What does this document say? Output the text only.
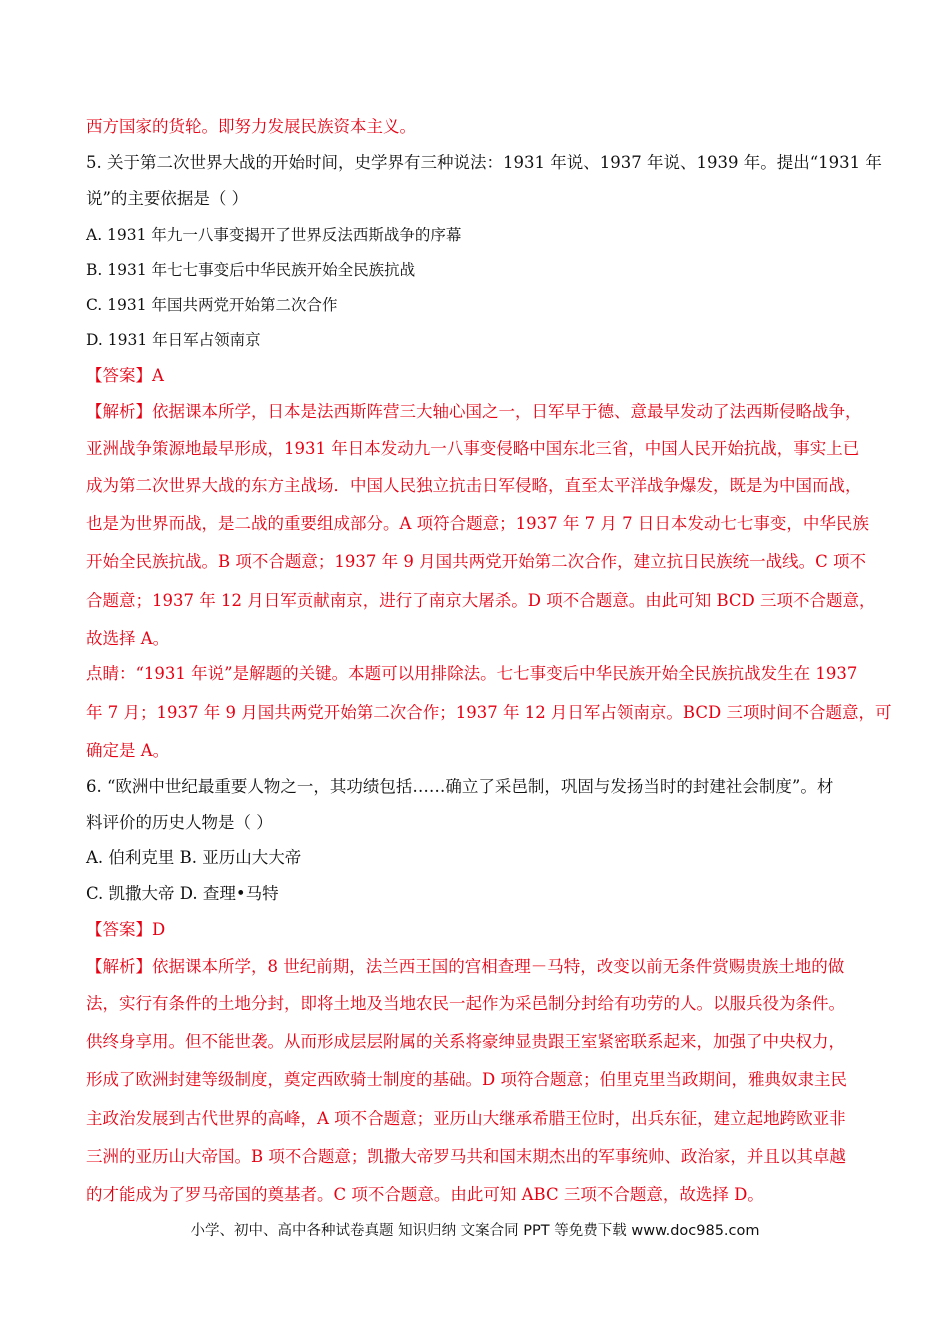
西方国家的货轮。即努力发展民族资本主义。
5. 关于第二次世界大战的开始时间，史学界有三种说法：1931 年说、1937 年说、1939 年。提出“1931 年
说”的主要依据是（ ）
A. 1931 年九一八事变揭开了世界反法西斯战争的序幕
B. 1931 年七七事变后中华民族开始全民族抗战
C. 1931 年国共两党开始第二次合作
D. 1931 年日军占领南京
【答案】A
【解析】依据课本所学，日本是法西斯阵营三大轴心国之一，日军早于德、意最早发动了法西斯侵略战争，
亚洲战争策源地最早形成，1931 年日本发动九一八事变侵略中国东北三省，中国人民开始抗战，事实上已
成为第二次世界大战的东方主战场．中国人民独立抗击日军侵略，直至太平洋战争爆发，既是为中国而战，
也是为世界而战，是二战的重要组成部分。A 项符合题意；1937 年 7 月 7 日日本发动七七事变，中华民族
开始全民族抗战。B 项不合题意；1937 年 9 月国共两党开始第二次合作，建立抗日民族统一战线。C 项不
合题意；1937 年 12 月日军贡献南京，进行了南京大屠杀。D 项不合题意。由此可知 BCD 三项不合题意，
故选择 A。
点睛：“1931 年说”是解题的关键。本题可以用排除法。七七事变后中华民族开始全民族抗战发生在 1937
年 7 月；1937 年 9 月国共两党开始第二次合作；1937 年 12 月日军占领南京。BCD 三项时间不合题意，可
确定是 A。
6. “欧洲中世纪最重要人物之一，其功绩包括……确立了采邑制，巩固与发扬当时的封建社会制度”。材
料评价的历史人物是（ ）
A. 伯利克里 B. 亚历山大大帝
C. 凯撒大帝 D. 查理•马特
【答案】D
【解析】依据课本所学，8 世纪前期，法兰西王国的宫相查理－马特，改变以前无条件赏赐贵族土地的做
法，实行有条件的土地分封，即将土地及当地农民一起作为采邑制分封给有功劳的人。以服兵役为条件。
供终身享用。但不能世袭。从而形成层层附属的关系将豪绅显贵跟王室紧密联系起来，加强了中央权力，
形成了欧洲封建等级制度，奠定西欧骑士制度的基础。D 项符合题意；伯里克里当政期间，雅典奴隶主民
主政治发展到古代世界的高峰，A 项不合题意；亚历山大继承希腊王位时，出兵东征，建立起地跨欧亚非
三洲的亚历山大帝国。B 项不合题意；凯撒大帝罗马共和国末期杰出的军事统帅、政治家，并且以其卓越
的才能成为了罗马帝国的奠基者。C 项不合题意。由此可知 ABC 三项不合题意，故选择 D。
小学、初中、高中各种试卷真题 知识归纳 文案合同 PPT 等免费下载 www.doc985.com
